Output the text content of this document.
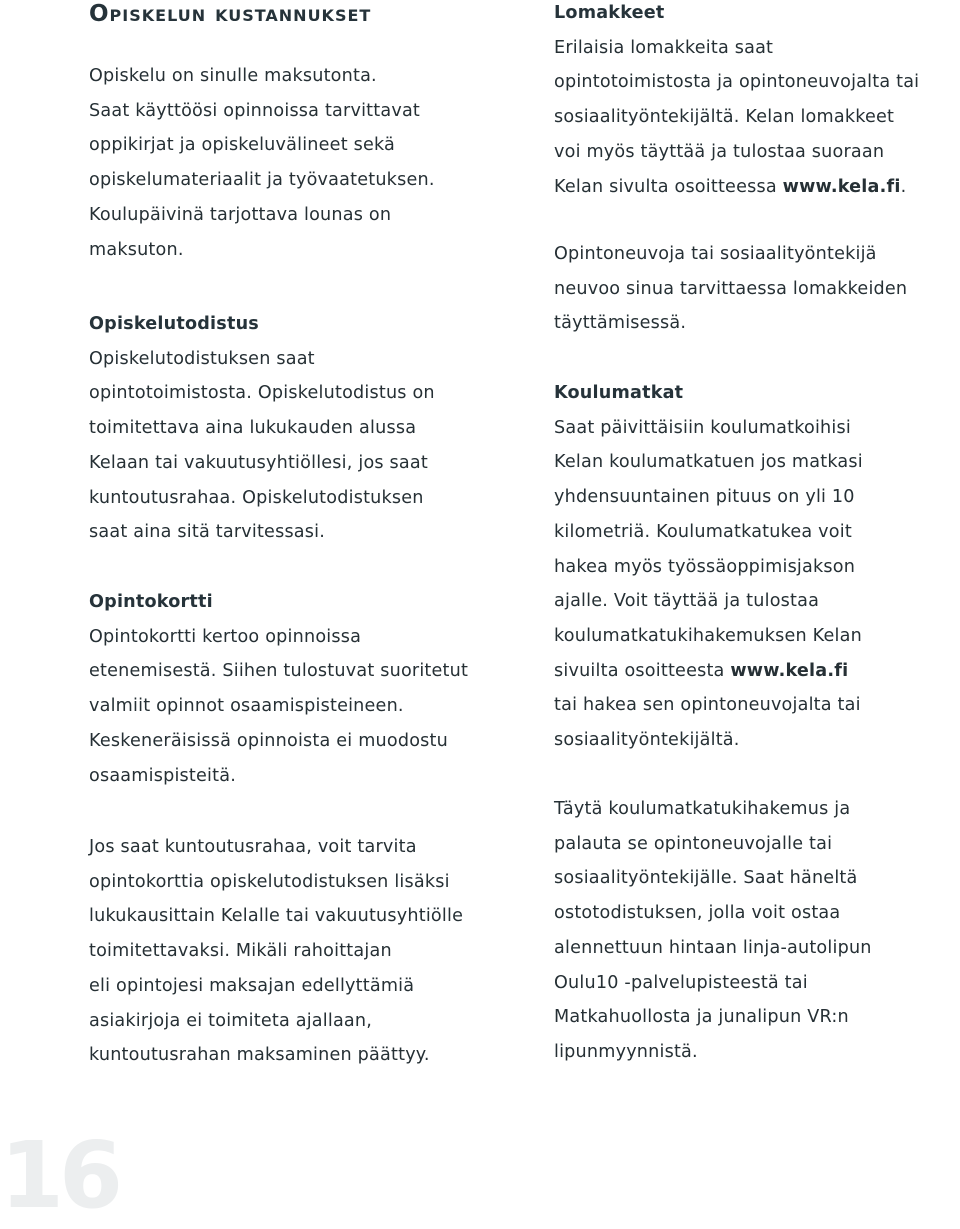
Opiskelun kustannukset

Opiskelu on sinulle maksutonta.
Saat käyttöösi opinnoissa tarvittavat
oppikirjat ja opiskeluvälineet sekä
opiskelumateriaalit ja työvaatetuksen.
Koulupäivinä tarjottava lounas on
maksuton.

Opiskelutodistus

Opiskelutodistuksen saat
opintotoimistosta. Opiskelutodistus on
toimitettava aina lukukauden alussa
Kelaan tai vakuutusyhtiöllesi, jos saat
kuntoutusrahaa. Opiskelutodistuksen
saat aina sitä tarvitessasi.

Opintokortti

Opintokortti kertoo opinnoissa
etenemisestä. Siihen tulostuvat suoritetut
valmiit opinnot osaamispisteineen.
Keskeneräisissä opinnoista ei muodostu
osaamispisteitä.

Jos saat kuntoutusrahaa, voit tarvita
opintokorttia opiskelutodistuksen lisäksi
lukukausittain Kelalle tai vakuutusyhtiölle
toimitettavaksi. Mikäli rahoittajan
eli opintojesi maksajan edellyttämiä
asiakirjoja ei toimiteta ajallaan,
kuntoutusrahan maksaminen päättyy.

Lomakkeet

Erilaisia lomakkeita saat
opintotoimistosta ja opintoneuvojalta tai
sosiaalityöntekijältä. Kelan lomakkeet
voi myös täyttää ja tulostaa suoraan
Kelan sivulta osoitteessa www.kela.fi.

Opintoneuvoja tai sosiaalityöntekijä
neuvoo sinua tarvittaessa lomakkeiden
täyttämisessä.

Koulumatkat

Saat päivittäisiin koulumatkoihisi
Kelan koulumatkatuen jos matkasi
yhdensuuntainen pituus on yli 10
kilometriä. Koulumatkatukea voit
hakea myös työssäoppimisjakson
ajalle. Voit täyttää ja tulostaa
koulumatkatukihakemuksen Kelan
sivuilta osoitteesta www.kela.fi
tai hakea sen opintoneuvojalta tai
sosiaalityöntekijältä.

Täytä koulumatkatukihakemus ja
palauta se opintoneuvojalle tai
sosiaalityöntekijälle. Saat häneltä
ostotodistuksen, jolla voit ostaa
alennettuun hintaan linja-autolipun
Oulu10 -palvelupisteestä tai
Matkahuollosta ja junalipun VR:n
lipunmyynnistä.

16
